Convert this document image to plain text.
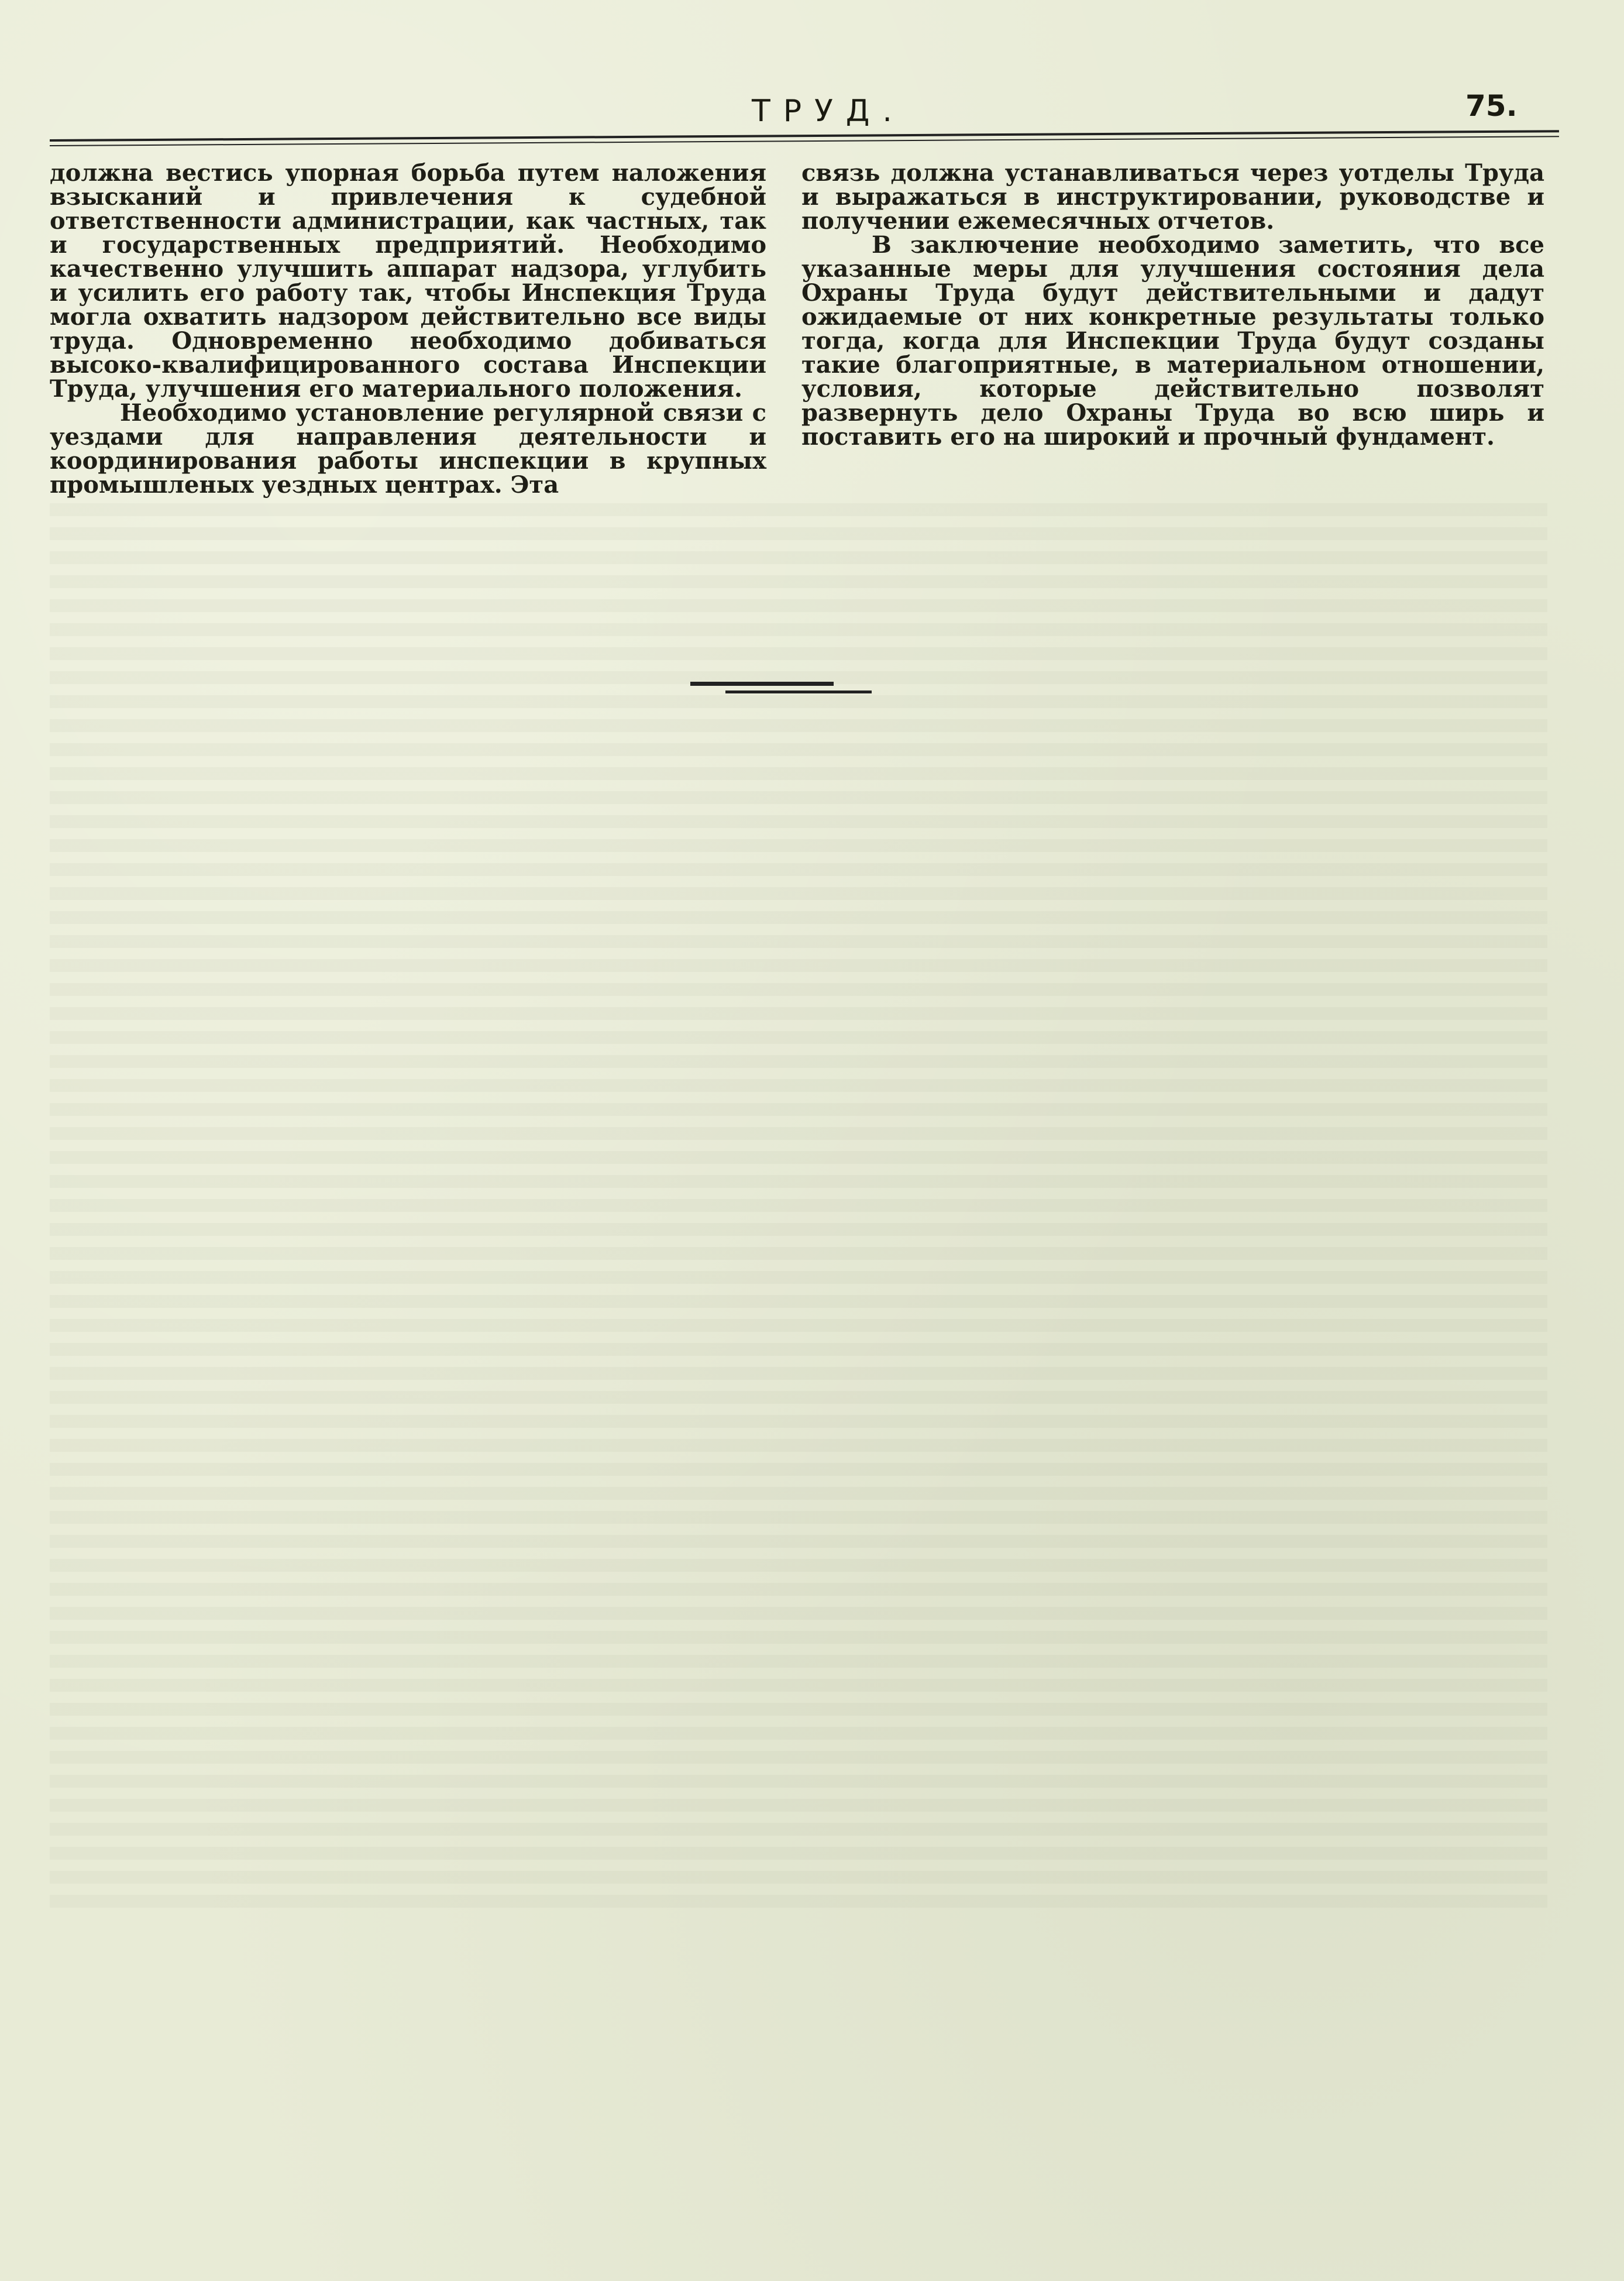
ТРУД.	75.

должна вестись упорная борьба путем наложения взысканий и привлечения к судебной ответственности администрации, как частных, так и государственных предприятий. Необходимо качественно улучшить аппарат надзора, углубить и усилить его работу так, чтобы Инспекция Труда могла охватить надзором действительно все виды труда. Одновременно необходимо добиваться высоко-квалифицированного состава Инспекции Труда, улучшения его материального положения.

Необходимо установление регулярной связи с уездами для направления деятельности и координирования работы инспекции в крупных промышленых уездных центрах. Эта

связь должна устанавливаться через уотделы Труда и выражаться в инструктировании, руководстве и получении ежемесячных отчетов.

В заключение необходимо заметить, что все указанные меры для улучшения состояния дела Охраны Труда будут действительными и дадут ожидаемые от них конкретные результаты только тогда, когда для Инспекции Труда будут созданы такие благоприятные, в материальном отношении, условия, которые действительно позволят развернуть дело Охраны Труда во всю ширь и поставить его на широкий и прочный фундамент.
